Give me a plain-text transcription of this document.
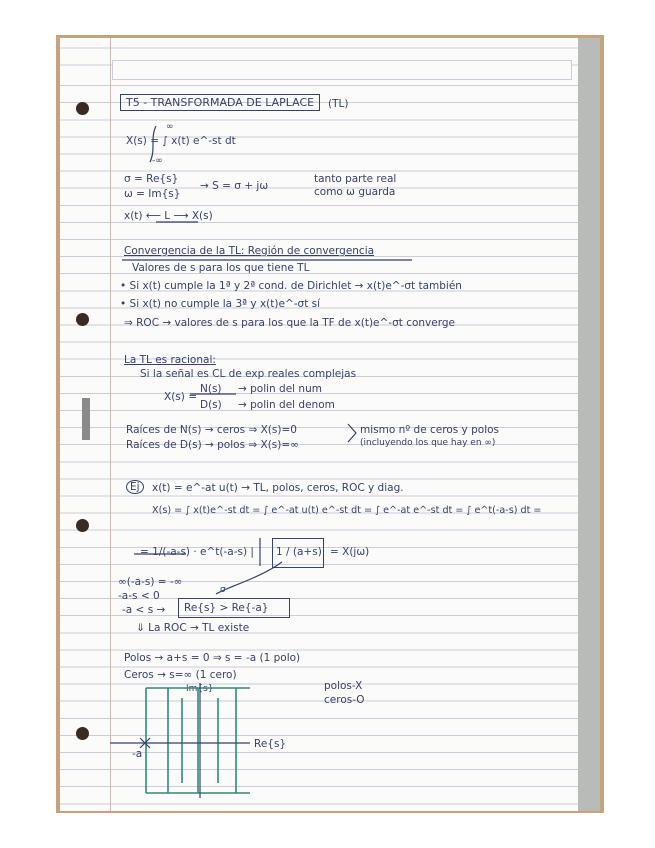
T5 - TRANSFORMADA DE LAPLACE	(TL)
∞
X(s) = ∫ x(t) e^-st dt
-∞
σ = Re{s}
ω = Im{s}
→ S = σ + jω
tanto parte real
como ω guarda
x(t) ⟵ L ⟶ X(s)
Convergencia de la TL: Región de convergencia
Valores de s para los que tiene TL
• Si x(t) cumple la 1ª y 2ª cond. de Dirichlet → x(t)e^-σt también
• Si x(t) no cumple la 3ª y x(t)e^-σt sí
⇒ ROC → valores de s para los que la TF de x(t)e^-σt converge
La TL es racional:
Si la señal es CL de exp reales complejas
X(s) =
N(s)
D(s)
→ polin del num
→ polin del denom
Raíces de N(s) → ceros ⇒ X(s)=0
Raíces de D(s) → polos ⇒ X(s)=∞
mismo nº de ceros y polos
(incluyendo los que hay en ∞)
Ej	x(t) = e^-at u(t) → TL, polos, ceros, ROC y diag.
X(s) = ∫ x(t)e^-st dt = ∫ e^-at u(t) e^-st dt = ∫ e^-at e^-st dt = ∫ e^t(-a-s) dt =
= 1/(-a-s) · e^t(-a-s) | 1 / (a+s) = X(jω)
∞(-a-s) = -∞
-a-s < 0
-a < s →
σ
Re{s} > Re{-a}
⇓ La ROC → TL existe
Polos → a+s = 0 ⇒ s = -a (1 polo)
Ceros → s=∞ (1 cero)
polos-X
ceros-O
Im{s}
Re{s}
-a
